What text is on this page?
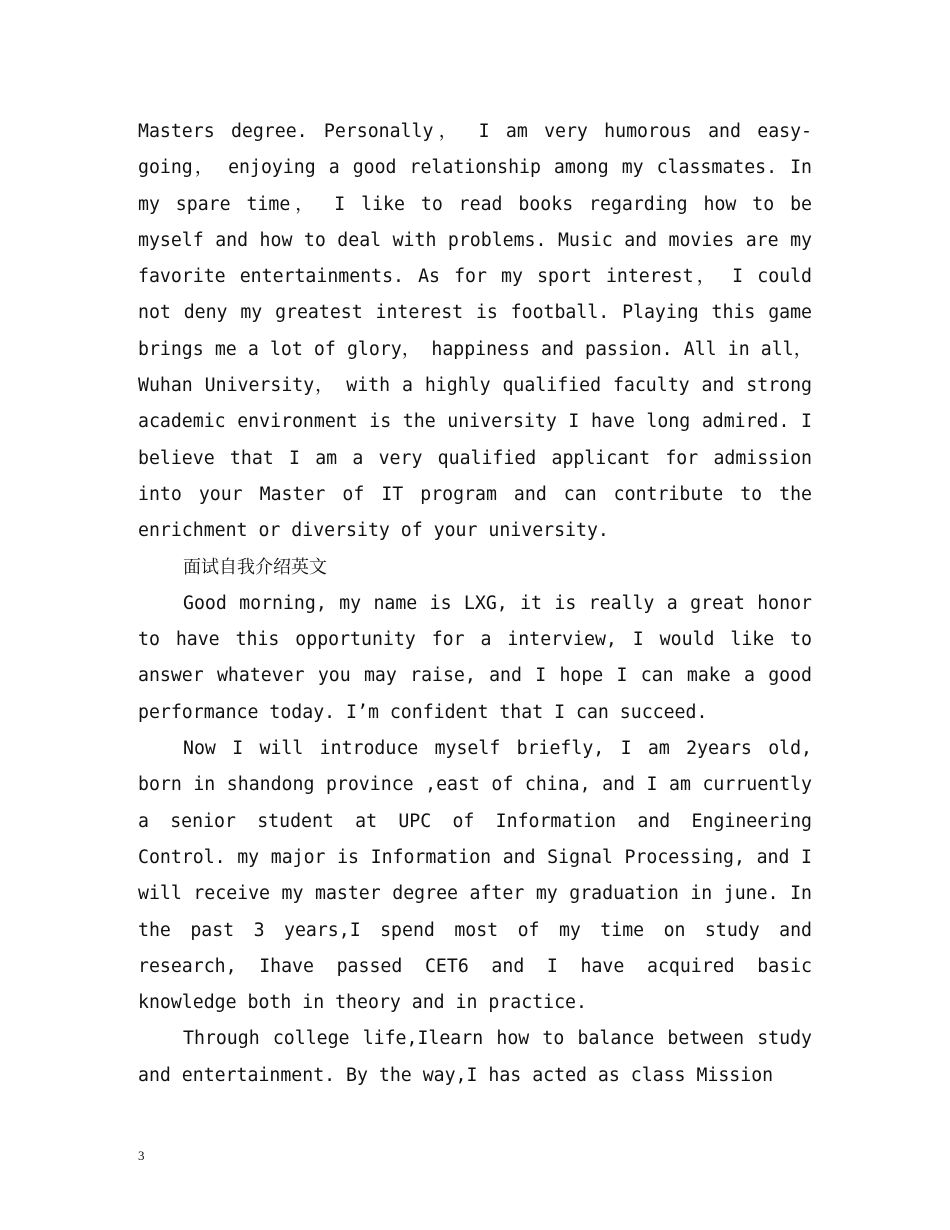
Masters degree. Personally， I am very humorous and easy-going， enjoying a good relationship among my classmates. In my spare time， I like to read books regarding how to be myself and how to deal with problems. Music and movies are my favorite entertainments. As for my sport interest， I could not deny my greatest interest is football. Playing this game brings me a lot of glory， happiness and passion. All in all， Wuhan University， with a highly qualified faculty and strong academic environment is the university I have long admired. I believe that I am a very qualified applicant for admission into your Master of IT program and can contribute to the enrichment or diversity of your university.

面试自我介绍英文

Good morning, my name is LXG, it is really a great honor to have this opportunity for a interview, I would like to answer whatever you may raise, and I hope I can make a good performance today. I’m confident that I can succeed.

Now I will introduce myself briefly, I am 2years old, born in shandong province ,east of china, and I am curruently a senior student at UPC of Information and Engineering Control. my major is Information and Signal Processing, and I will receive my master degree after my graduation in june. In the past 3 years,I spend most of my time on study and research, Ihave passed CET6 and I have acquired basic knowledge both in theory and in practice.

Through college life,Ilearn how to balance between study and entertainment. By the way,I has acted as class Mission

3
